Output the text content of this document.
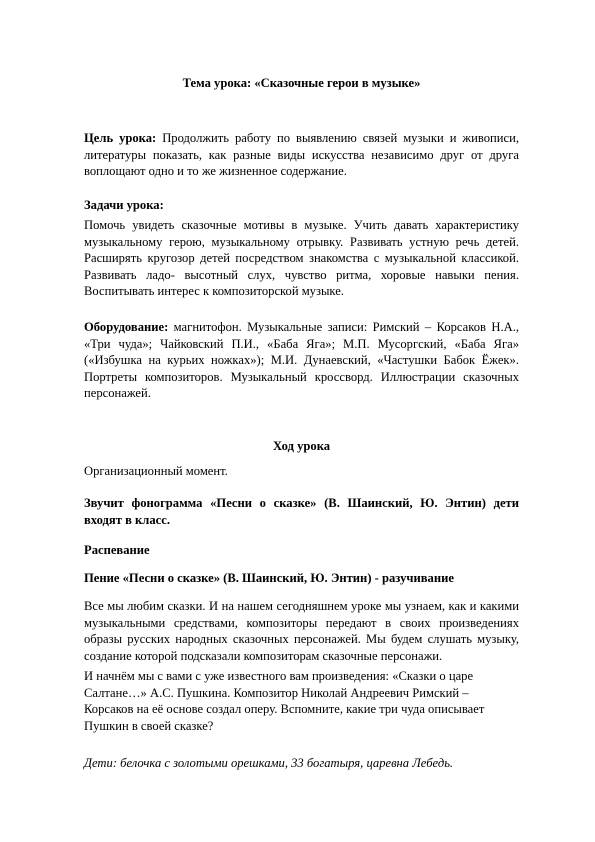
Тема урока: «Сказочные герои в музыке»

Цель урока: Продолжить работу по выявлению связей музыки и живописи, литературы показать, как разные виды искусства независимо друг от друга воплощают одно и то же жизненное содержание.

Задачи урока:

Помочь увидеть сказочные мотивы в музыке. Учить давать характеристику музыкальному герою, музыкальному отрывку. Развивать устную речь детей. Расширять кругозор детей посредством знакомства с музыкальной классикой. Развивать ладо- высотный слух, чувство ритма, хоровые навыки пения. Воспитывать интерес к композиторской музыке.

Оборудование: магнитофон. Музыкальные записи: Римский – Корсаков Н.А., «Три чуда»; Чайковский П.И., «Баба Яга»; М.П. Мусоргский, «Баба Яга» («Избушка на курьих ножках»); М.И. Дунаевский, «Частушки Бабок Ёжек». Портреты композиторов. Музыкальный кроссворд. Иллюстрации сказочных персонажей.

Ход урока

Организационный момент.

Звучит фонограмма «Песни о сказке» (В. Шаинский, Ю. Энтин) дети входят в класс.

Распевание

Пение «Песни о сказке» (В. Шаинский, Ю. Энтин) - разучивание

Все мы любим сказки. И на нашем сегодняшнем уроке мы узнаем, как и какими музыкальными средствами, композиторы передают в своих произведениях образы русских народных сказочных персонажей. Мы будем слушать музыку, создание которой подсказали композиторам сказочные персонажи.

И начнём мы с вами с уже известного вам произведения: «Сказки о царе Салтане…» А.С. Пушкина. Композитор Николай Андреевич Римский – Корсаков на её основе создал оперу. Вспомните, какие три чуда описывает Пушкин в своей сказке?

Дети: белочка с золотыми орешками, 33 богатыря, царевна Лебедь.
